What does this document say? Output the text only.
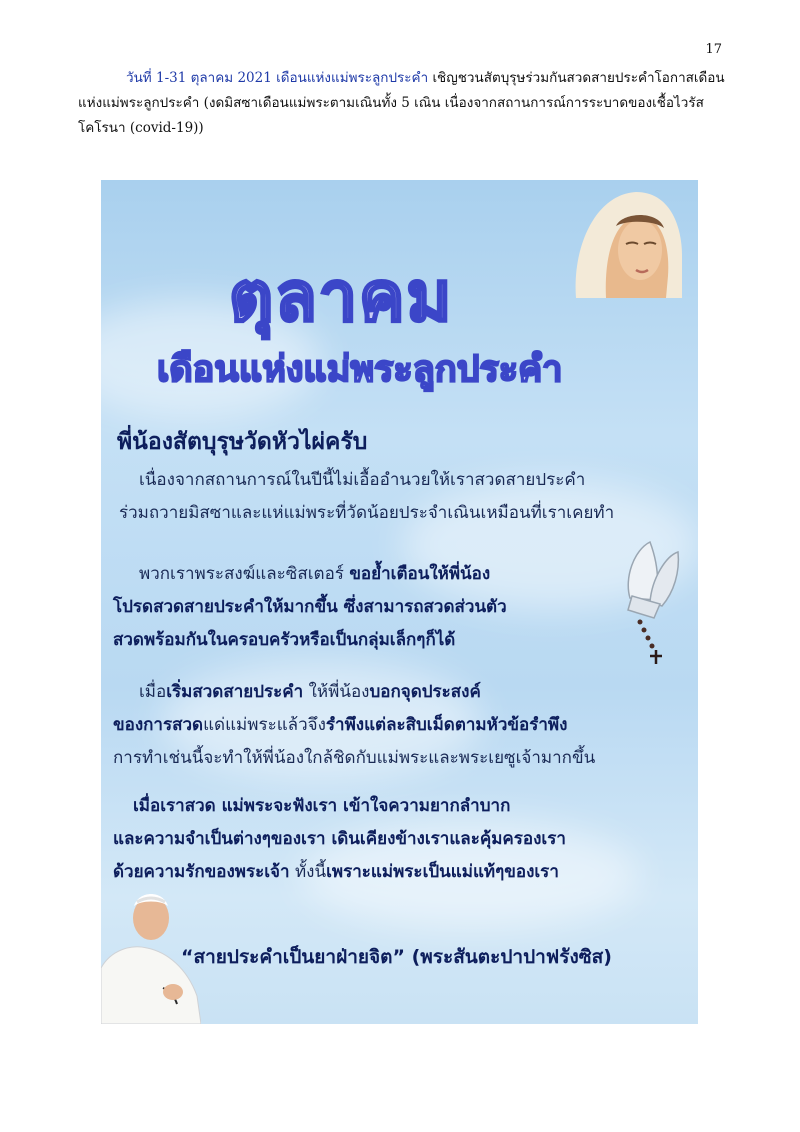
17
วันที่ 1-31 ตุลาคม 2021 เดือนแห่งแม่พระลูกประคำ เชิญชวนสัตบุรุษร่วมกันสวดสายประคำโอกาสเดือน
แห่งแม่พระลูกประคำ (งดมิสซาเดือนแม่พระตามเณินทั้ง 5 เณิน เนื่องจากสถานการณ์การระบาดของเชื้อไวรัส
โคโรนา (covid-19))
ตุลาคม
เดือนแห่งแม่พระลูกประคำ
พี่น้องสัตบุรุษวัดหัวไผ่ครับ
เนื่องจากสถานการณ์ในปีนี้ไม่เอื้ออำนวยให้เราสวดสายประคำ
ร่วมถวายมิสซาและแห่แม่พระที่วัดน้อยประจำเณินเหมือนที่เราเคยทำ
พวกเราพระสงฆ์และซิสเตอร์ ขอย้ำเตือนให้พี่น้อง
โปรดสวดสายประคำให้มากขึ้น ซึ่งสามารถสวดส่วนตัว
สวดพร้อมกันในครอบครัวหรือเป็นกลุ่มเล็กๆก็ได้
เมื่อเริ่มสวดสายประคำ ให้พี่น้องบอกจุดประสงค์
ของการสวดแด่แม่พระแล้วจึงรำพึงแต่ละสิบเม็ดตามหัวข้อรำพึง
การทำเช่นนี้จะทำให้พี่น้องใกล้ชิดกับแม่พระและพระเยซูเจ้ามากขึ้น
เมื่อเราสวด แม่พระจะฟังเรา เข้าใจความยากลำบาก
และความจำเป็นต่างๆของเรา เดินเคียงข้างเราและคุ้มครองเรา
ด้วยความรักของพระเจ้า ทั้งนี้เพราะแม่พระเป็นแม่แท้ๆของเรา
“สายประคำเป็นยาฝ่ายจิต” (พระสันตะปาปาฟรังซิส)
